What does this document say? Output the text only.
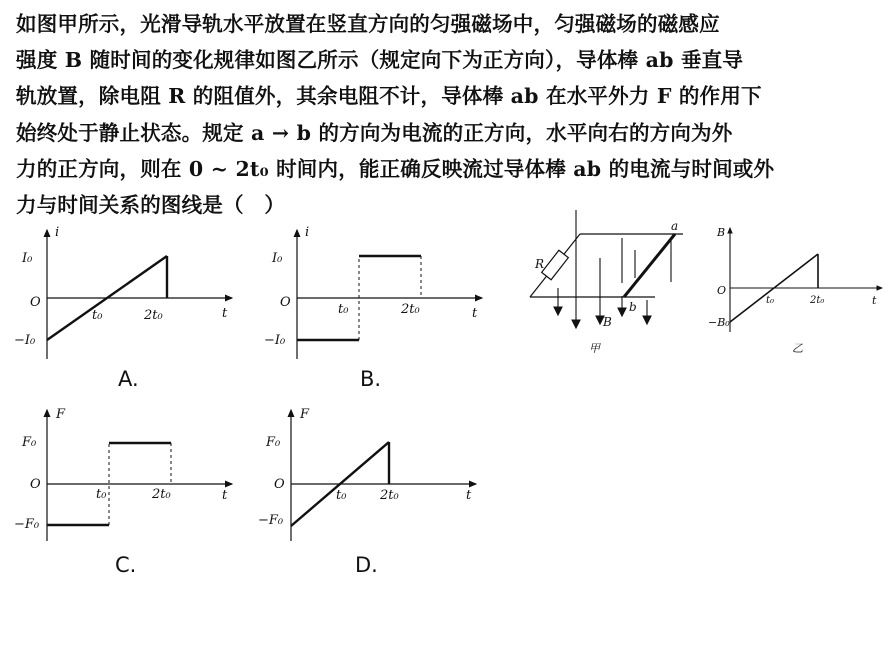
如图甲所示，光滑导轨水平放置在竖直方向的匀强磁场中，匀强磁场的磁感应
强度 B 随时间的变化规律如图乙所示（规定向下为正方向），导体棒 ab 垂直导
轨放置，除电阻 R 的阻值外，其余电阻不计，导体棒 ab 在水平外力 F 的作用下
始终处于静止状态。规定 a → b 的方向为电流的正方向，水平向右的方向为外
力的正方向，则在 0 ~ 2t₀ 时间内，能正确反映流过导体棒 ab 的电流与时间或外
力与时间关系的图线是（　）
i
I₀
−I₀
O
t₀	2t₀	t
A.
i
I₀
−I₀
O	t₀	2t₀	t
B.
F
F₀
−F₀
O
t₀	2t₀	t
C.
F
F₀
−F₀
O
t₀	2t₀	t
D.
R
B
a
b
甲
B
−B₀
O
t₀	2t₀	t
乙
